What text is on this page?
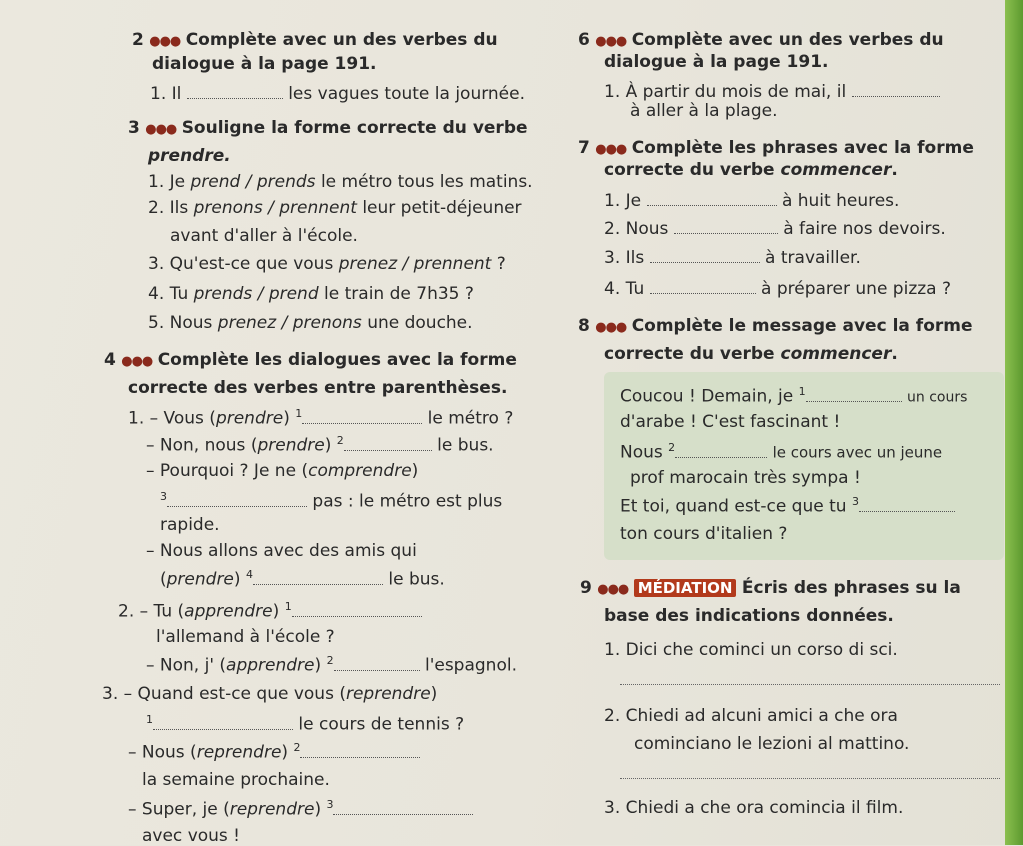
2 ●●● Complète avec un des verbes du
dialogue à la page 191.
1. Il	les vagues toute la journée.
3 ●●● Souligne la forme correcte du verbe
prendre.
1. Je prend / prends le métro tous les matins.
2. Ils prenons / prennent leur petit-déjeuner
avant d'aller à l'école.
3. Qu'est-ce que vous prenez / prennent ?
4. Tu prends / prend le train de 7h35 ?
5. Nous prenez / prenons une douche.
4 ●●● Complète les dialogues avec la forme
correcte des verbes entre parenthèses.
1. – Vous (prendre) $^1$	le métro ?
– Non, nous (prendre) $^2$	le bus.
– Pourquoi ? Je ne (comprendre)
$^3$	pas : le métro est plus
rapide.
– Nous allons avec des amis qui
(prendre) $^4$	le bus.
2. – Tu (apprendre) $^1$
l'allemand à l'école ?
– Non, j' (apprendre) $^2$	l'espagnol.
3. – Quand est-ce que vous (reprendre)
$^1$	le cours de tennis ?
– Nous (reprendre) $^2$
la semaine prochaine.
– Super, je (reprendre) $^3$
avec vous !
6 ●●● Complète avec un des verbes du
dialogue à la page 191.
1. À partir du mois de mai, il
à aller à la plage.
7 ●●● Complète les phrases avec la forme
correcte du verbe commencer.
1. Je	à huit heures.
2. Nous	à faire nos devoirs.
3. Ils	à travailler.
4. Tu	à préparer une pizza ?
8 ●●● Complète le message avec la forme
correcte du verbe commencer.
Coucou ! Demain, je $^1$	un cours
d'arabe ! C'est fascinant !
Nous $^2$	le cours avec un jeune
prof marocain très sympa !
Et toi, quand est-ce que tu $^3$
ton cours d'italien ?
9 ●●● MÉDIATION Écris des phrases su la
base des indications données.
1. Dici che cominci un corso di sci.
2. Chiedi ad alcuni amici a che ora
cominciano le lezioni al mattino.
3. Chiedi a che ora comincia il film.
